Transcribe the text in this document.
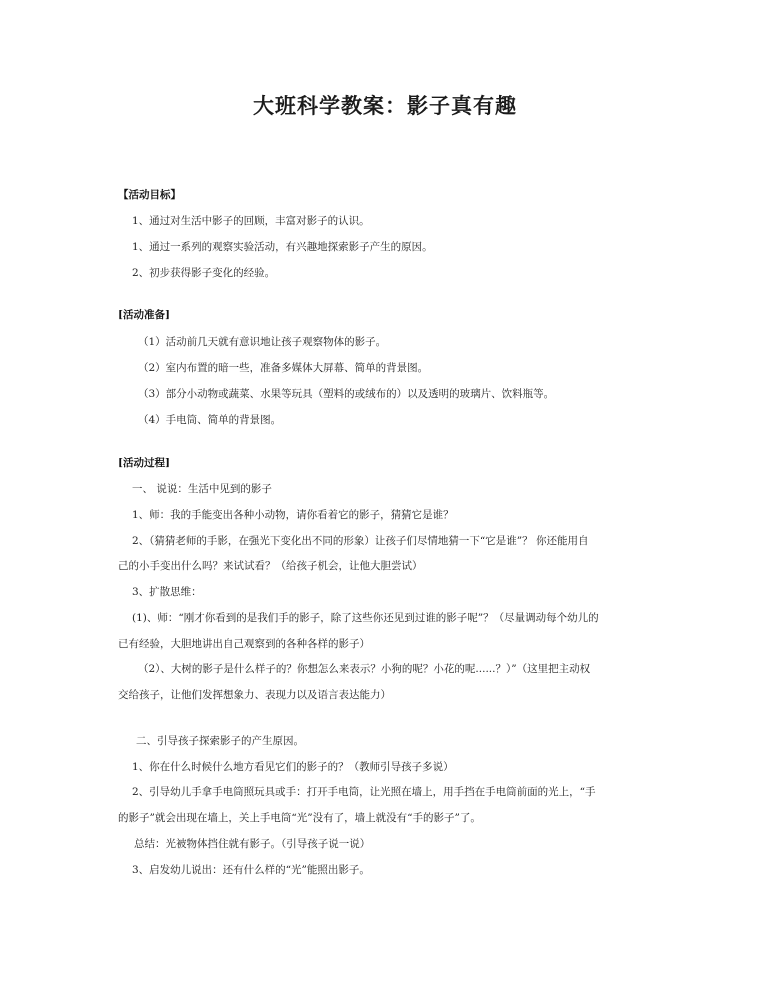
大班科学教案：影子真有趣
【活动目标】
1、通过对生活中影子的回顾，丰富对影子的认识。
1、通过一系列的观察实验活动，有兴趣地探索影子产生的原因。
2、初步获得影子变化的经验。
[活动准备]
（1）活动前几天就有意识地让孩子观察物体的影子。
（2）室内布置的暗一些，准备多媒体大屏幕、简单的背景图。
（3）部分小动物或蔬菜、水果等玩具（塑料的或绒布的）以及透明的玻璃片、饮料瓶等。
（4）手电筒、简单的背景图。
[活动过程]
一、 说说：生活中见到的影子
1、师：我的手能变出各种小动物，请你看着它的影子，猜猜它是谁？
2、（猜猜老师的手影，在强光下变化出不同的形象）让孩子们尽情地猜一下“它是谁”？ 你还能用自
己的小手变出什么吗？来试试看？（给孩子机会，让他大胆尝试）
3、扩散思维：
(1)、师：“刚才你看到的是我们手的影子，除了这些你还见到过谁的影子呢”？（尽量调动每个幼儿的
已有经验，大胆地讲出自己观察到的各种各样的影子）
（2）、大树的影子是什么样子的？你想怎么来表示？小狗的呢？小花的呢......？）”（这里把主动权
交给孩子，让他们发挥想象力、表现力以及语言表达能力）
二、引导孩子探索影子的产生原因。
1、你在什么时候什么地方看见它们的影子的？（教师引导孩子多说）
2、引导幼儿手拿手电筒照玩具或手：打开手电筒，让光照在墙上，用手挡在手电筒前面的光上，“手
的影子”就会出现在墙上，关上手电筒“光”没有了，墙上就没有“手的影子”了。
总结：光被物体挡住就有影子。（引导孩子说一说）
3、启发幼儿说出：还有什么样的“光”能照出影子。
